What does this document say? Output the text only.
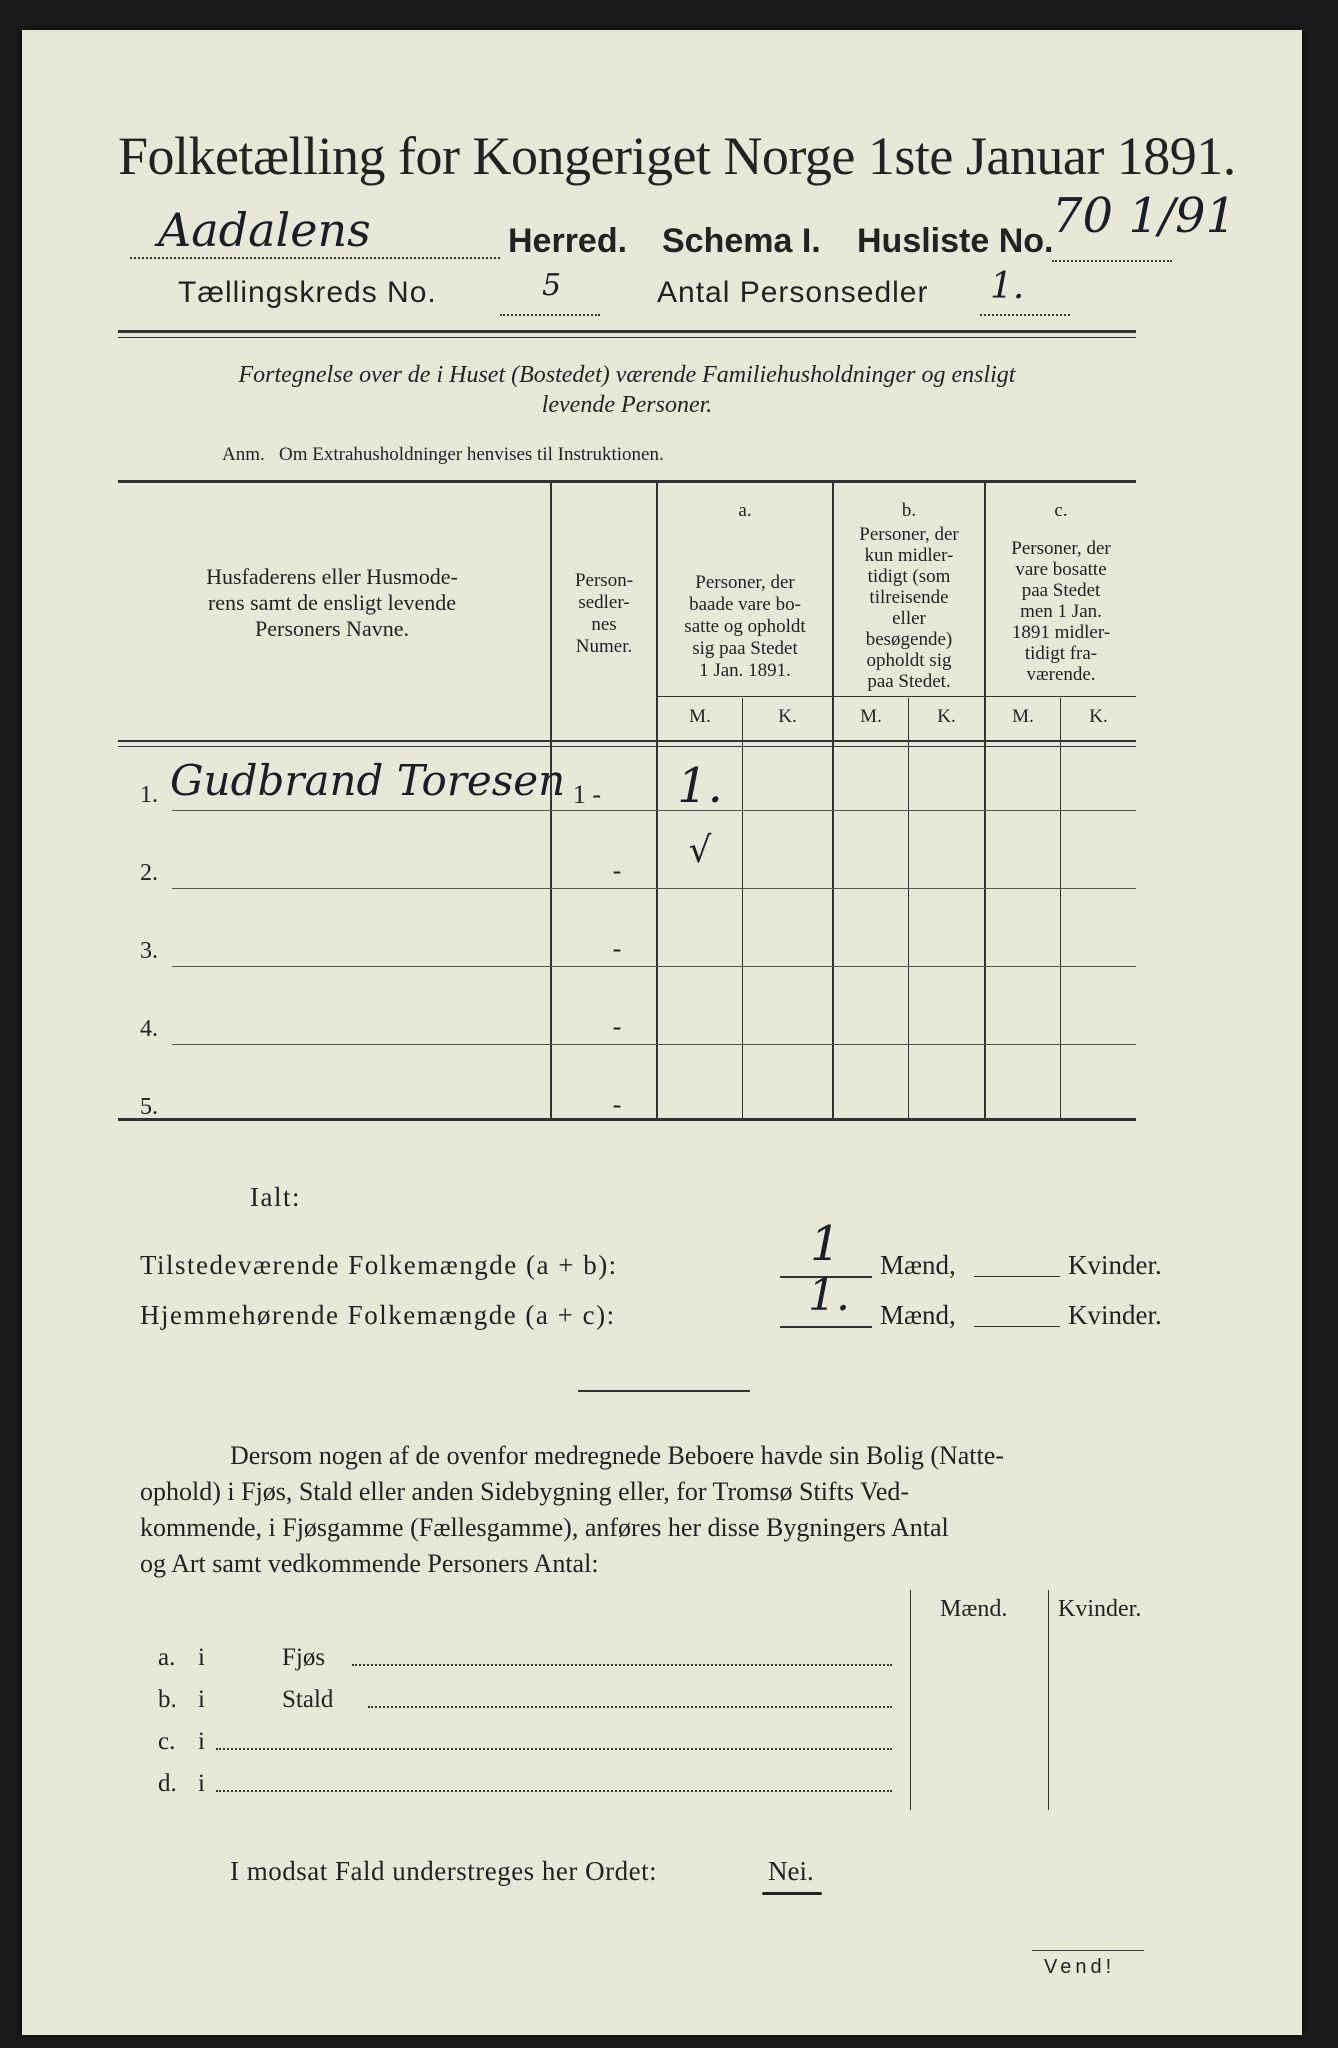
Folketælling for Kongeriget Norge 1ste Januar 1891.
Aadalens	Herred. Schema I. Husliste No.
70 1/91
Tællingskreds No.	5	Antal Personsedler 1.
Fortegnelse over de i Huset (Bostedet) værende Familiehusholdninger og ensligt
levende Personer.
Anm.   Om Extrahusholdninger henvises til Instruktionen.
Husfaderens eller Husmode-
rens samt de ensligt levende
Personers Navne.
Person-
sedler-
nes
Numer.
a.
Personer, der
baade vare bo-
satte og opholdt
sig paa Stedet
1 Jan. 1891.
b.
Personer, der
kun midler-
tidigt (som
tilreisende
eller
besøgende)
opholdt sig
paa Stedet.
c.
Personer, der
vare bosatte
paa Stedet
men 1 Jan.
1891 midler-
tidigt fra-
værende.
M.	K.	M.	K.	M.	K.
1. Gudbrand Toresen 1 -	1.
2.	-	√
3.	-
4.	-
5.	-
Ialt:
Tilstedeværende Folkemængde (a + b):	1 Mænd,	Kvinder.
Hjemmehørende Folkemængde (a + c):	1. Mænd,	Kvinder.
Dersom nogen af de ovenfor medregnede Beboere havde sin Bolig (Natte-
ophold) i Fjøs, Stald eller anden Sidebygning eller, for Tromsø Stifts Ved-
kommende, i Fjøsgamme (Fællesgamme), anføres her disse Bygningers Antal
og Art samt vedkommende Personers Antal:
Mænd. Kvinder.
a. i	Fjøs
b. i	Stald
c. i
d. i
I modsat Fald understreges her Ordet:	Nei.
Vend!
